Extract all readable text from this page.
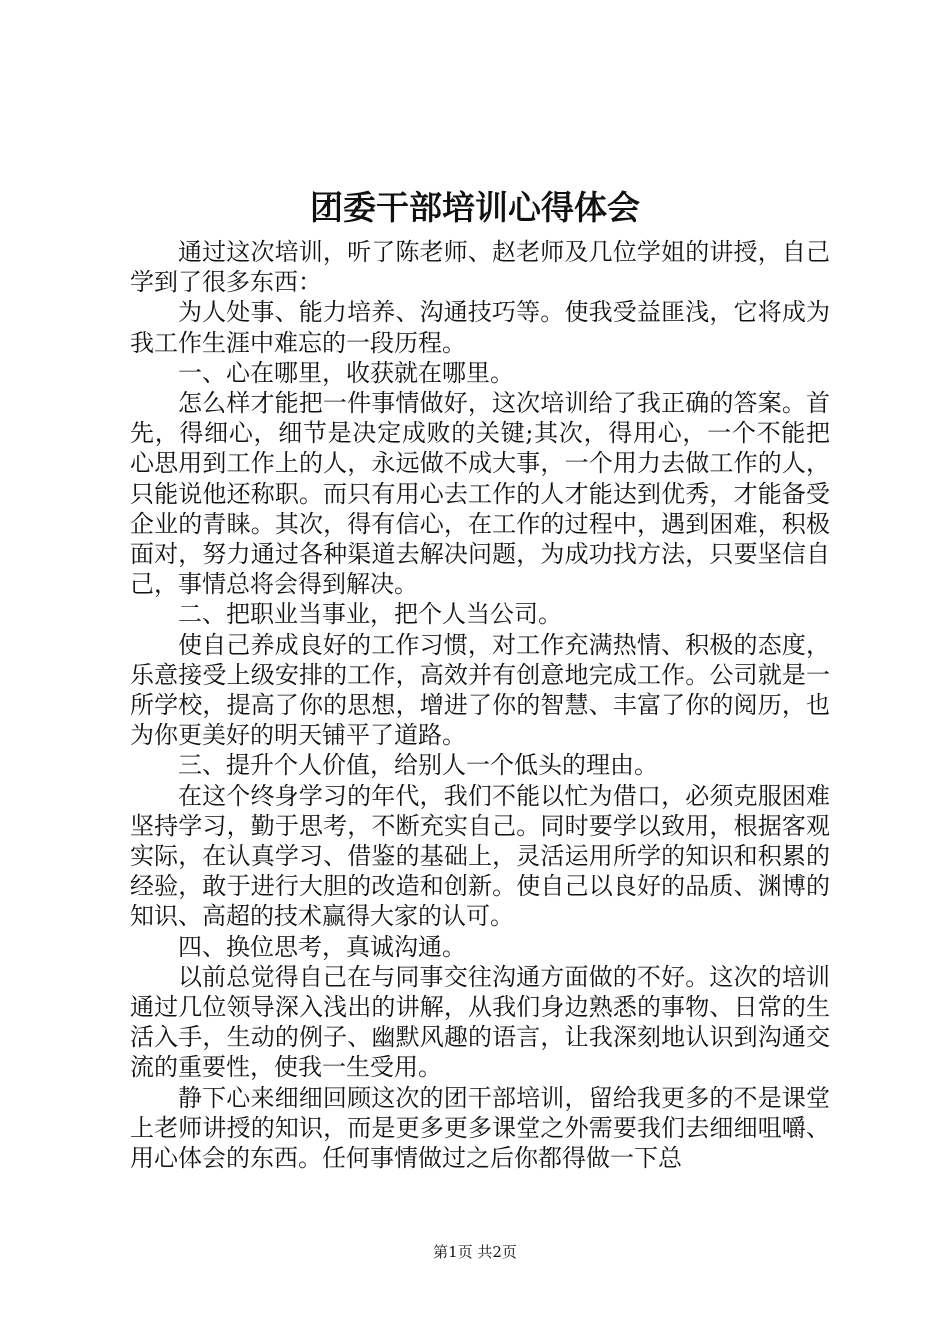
团委干部培训心得体会

通过这次培训，听了陈老师、赵老师及几位学姐的讲授，自己学到了很多东西：

为人处事、能力培养、沟通技巧等。使我受益匪浅，它将成为我工作生涯中难忘的一段历程。

一、心在哪里，收获就在哪里。

怎么样才能把一件事情做好，这次培训给了我正确的答案。首先，得细心，细节是决定成败的关键;其次，得用心，一个不能把心思用到工作上的人，永远做不成大事，一个用力去做工作的人，只能说他还称职。而只有用心去工作的人才能达到优秀，才能备受企业的青睐。其次，得有信心，在工作的过程中，遇到困难，积极面对，努力通过各种渠道去解决问题，为成功找方法，只要坚信自己，事情总将会得到解决。

二、把职业当事业，把个人当公司。

使自己养成良好的工作习惯，对工作充满热情、积极的态度，乐意接受上级安排的工作，高效并有创意地完成工作。公司就是一所学校，提高了你的思想，增进了你的智慧、丰富了你的阅历，也为你更美好的明天铺平了道路。

三、提升个人价值，给别人一个低头的理由。

在这个终身学习的年代，我们不能以忙为借口，必须克服困难坚持学习，勤于思考，不断充实自己。同时要学以致用，根据客观实际，在认真学习、借鉴的基础上，灵活运用所学的知识和积累的经验，敢于进行大胆的改造和创新。使自己以良好的品质、渊博的知识、高超的技术赢得大家的认可。

四、换位思考，真诚沟通。

以前总觉得自己在与同事交往沟通方面做的不好。这次的培训通过几位领导深入浅出的讲解，从我们身边熟悉的事物、日常的生活入手，生动的例子、幽默风趣的语言，让我深刻地认识到沟通交流的重要性，使我一生受用。

静下心来细细回顾这次的团干部培训，留给我更多的不是课堂上老师讲授的知识，而是更多更多课堂之外需要我们去细细咀嚼、用心体会的东西。任何事情做过之后你都得做一下总

第1页 共2页
